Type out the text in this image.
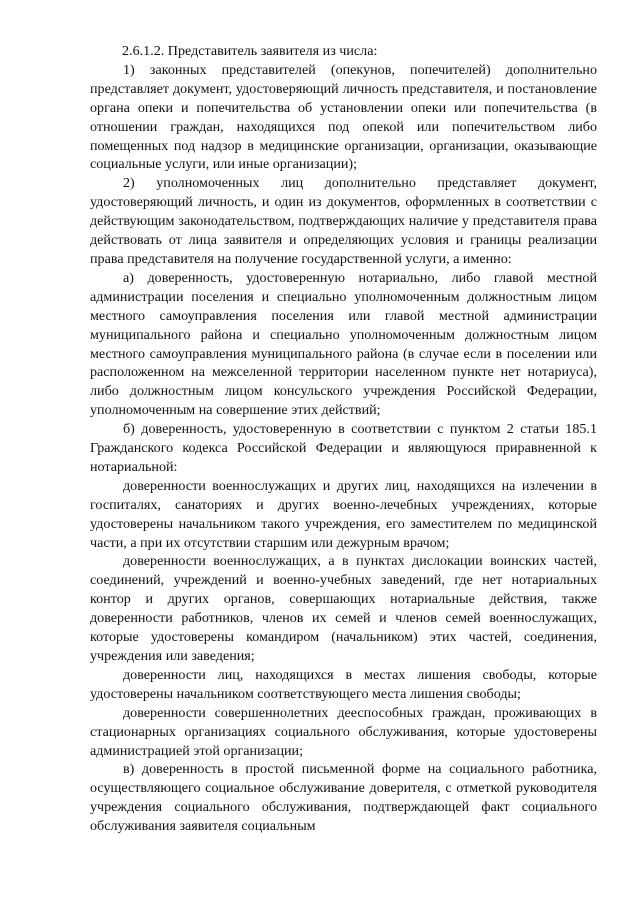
2.6.1.2. Представитель заявителя из числа:

1) законных представителей (опекунов, попечителей) дополнительно представляет документ, удостоверяющий личность представителя, и постановление органа опеки и попечительства об установлении опеки или попечительства (в отношении граждан, находящихся под опекой или попечительством либо помещенных под надзор в медицинские организации, организации, оказывающие социальные услуги, или иные организации);

2) уполномоченных лиц дополнительно представляет документ, удостоверяющий личность, и один из документов, оформленных в соответствии с действующим законодательством, подтверждающих наличие у представителя права действовать от лица заявителя и определяющих условия и границы реализации права представителя на получение государственной услуги, а именно:

а) доверенность, удостоверенную нотариально, либо главой местной администрации поселения и специально уполномоченным должностным лицом местного самоуправления поселения или главой местной администрации муниципального района и специально уполномоченным должностным лицом местного самоуправления муниципального района (в случае если в поселении или расположенном на межселенной территории населенном пункте нет нотариуса), либо должностным лицом консульского учреждения Российской Федерации, уполномоченным на совершение этих действий;

б) доверенность, удостоверенную в соответствии с пунктом 2 статьи 185.1 Гражданского кодекса Российской Федерации и являющуюся приравненной к нотариальной:

доверенности военнослужащих и других лиц, находящихся на излечении в госпиталях, санаториях и других военно-лечебных учреждениях, которые удостоверены начальником такого учреждения, его заместителем по медицинской части, а при их отсутствии старшим или дежурным врачом;

доверенности военнослужащих, а в пунктах дислокации воинских частей, соединений, учреждений и военно-учебных заведений, где нет нотариальных контор и других органов, совершающих нотариальные действия, также доверенности работников, членов их семей и членов семей военнослужащих, которые удостоверены командиром (начальником) этих частей, соединения, учреждения или заведения;

доверенности лиц, находящихся в местах лишения свободы, которые удостоверены начальником соответствующего места лишения свободы;

доверенности совершеннолетних дееспособных граждан, проживающих в стационарных организациях социального обслуживания, которые удостоверены администрацией этой организации;

в) доверенность в простой письменной форме на социального работника, осуществляющего социальное обслуживание доверителя, с отметкой руководителя учреждения социального обслуживания, подтверждающей факт социального обслуживания заявителя социальным
